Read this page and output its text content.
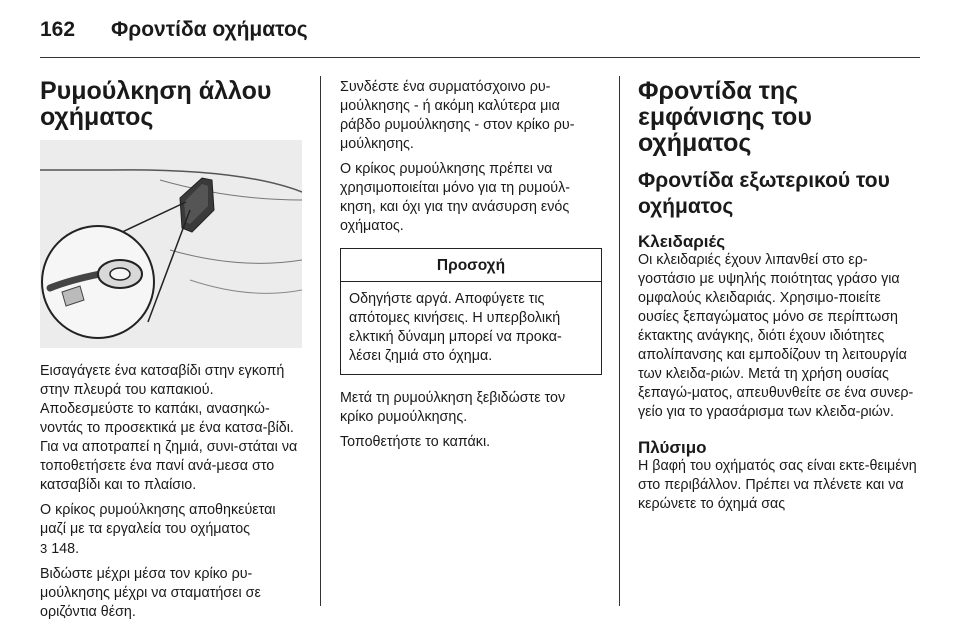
162 Φροντίδα οχήματος
Ρυμούλκηση άλλου οχήματος

Εισαγάγετε ένα κατσαβίδι στην εγκοπή στην πλευρά του καπακιού. Αποδεσμεύστε το καπάκι, ανασηκώ-νοντάς το προσεκτικά με ένα κατσα-βίδι. Για να αποτραπεί η ζημιά, συνι-στάται να τοποθετήσετε ένα πανί ανά-μεσα στο κατσαβίδι και το πλαίσιο.

Ο κρίκος ρυμούλκησης αποθηκεύεται μαζί με τα εργαλεία του οχήματος
3 148.

Βιδώστε μέχρι μέσα τον κρίκο ρυ-μούλκησης μέχρι να σταματήσει σε οριζόντια θέση.

Συνδέστε ένα συρματόσχοινο ρυ-μούλκησης - ή ακόμη καλύτερα μια ράβδο ρυμούλκησης - στον κρίκο ρυ-μούλκησης.

Ο κρίκος ρυμούλκησης πρέπει να χρησιμοποιείται μόνο για τη ρυμούλ-κηση, και όχι για την ανάσυρση ενός οχήματος.

Προσοχή
Οδηγήστε αργά. Αποφύγετε τις απότομες κινήσεις. Η υπερβολική ελκτική δύναμη μπορεί να προκα-λέσει ζημιά στο όχημα.

Μετά τη ρυμούλκηση ξεβιδώστε τον κρίκο ρυμούλκησης.

Τοποθετήστε το καπάκι.

Φροντίδα της εμφάνισης του οχήματος
Φροντίδα εξωτερικού του οχήματος
Κλειδαριές

Οι κλειδαριές έχουν λιπανθεί στο ερ-γοστάσιο με υψηλής ποιότητας γράσο για ομφαλούς κλειδαριάς. Χρησιμο-ποιείτε ουσίες ξεπαγώματος μόνο σε περίπτωση έκτακτης ανάγκης, διότι έχουν ιδιότητες απολίπανσης και εμποδίζουν τη λειτουργία των κλειδα-ριών. Μετά τη χρήση ουσίας ξεπαγώ-ματος, απευθυνθείτε σε ένα συνερ-γείο για το γρασάρισμα των κλειδα-ριών.

Πλύσιμο

Η βαφή του οχήματός σας είναι εκτε-θειμένη στο περιβάλλον. Πρέπει να πλένετε και να κερώνετε το όχημά σας
